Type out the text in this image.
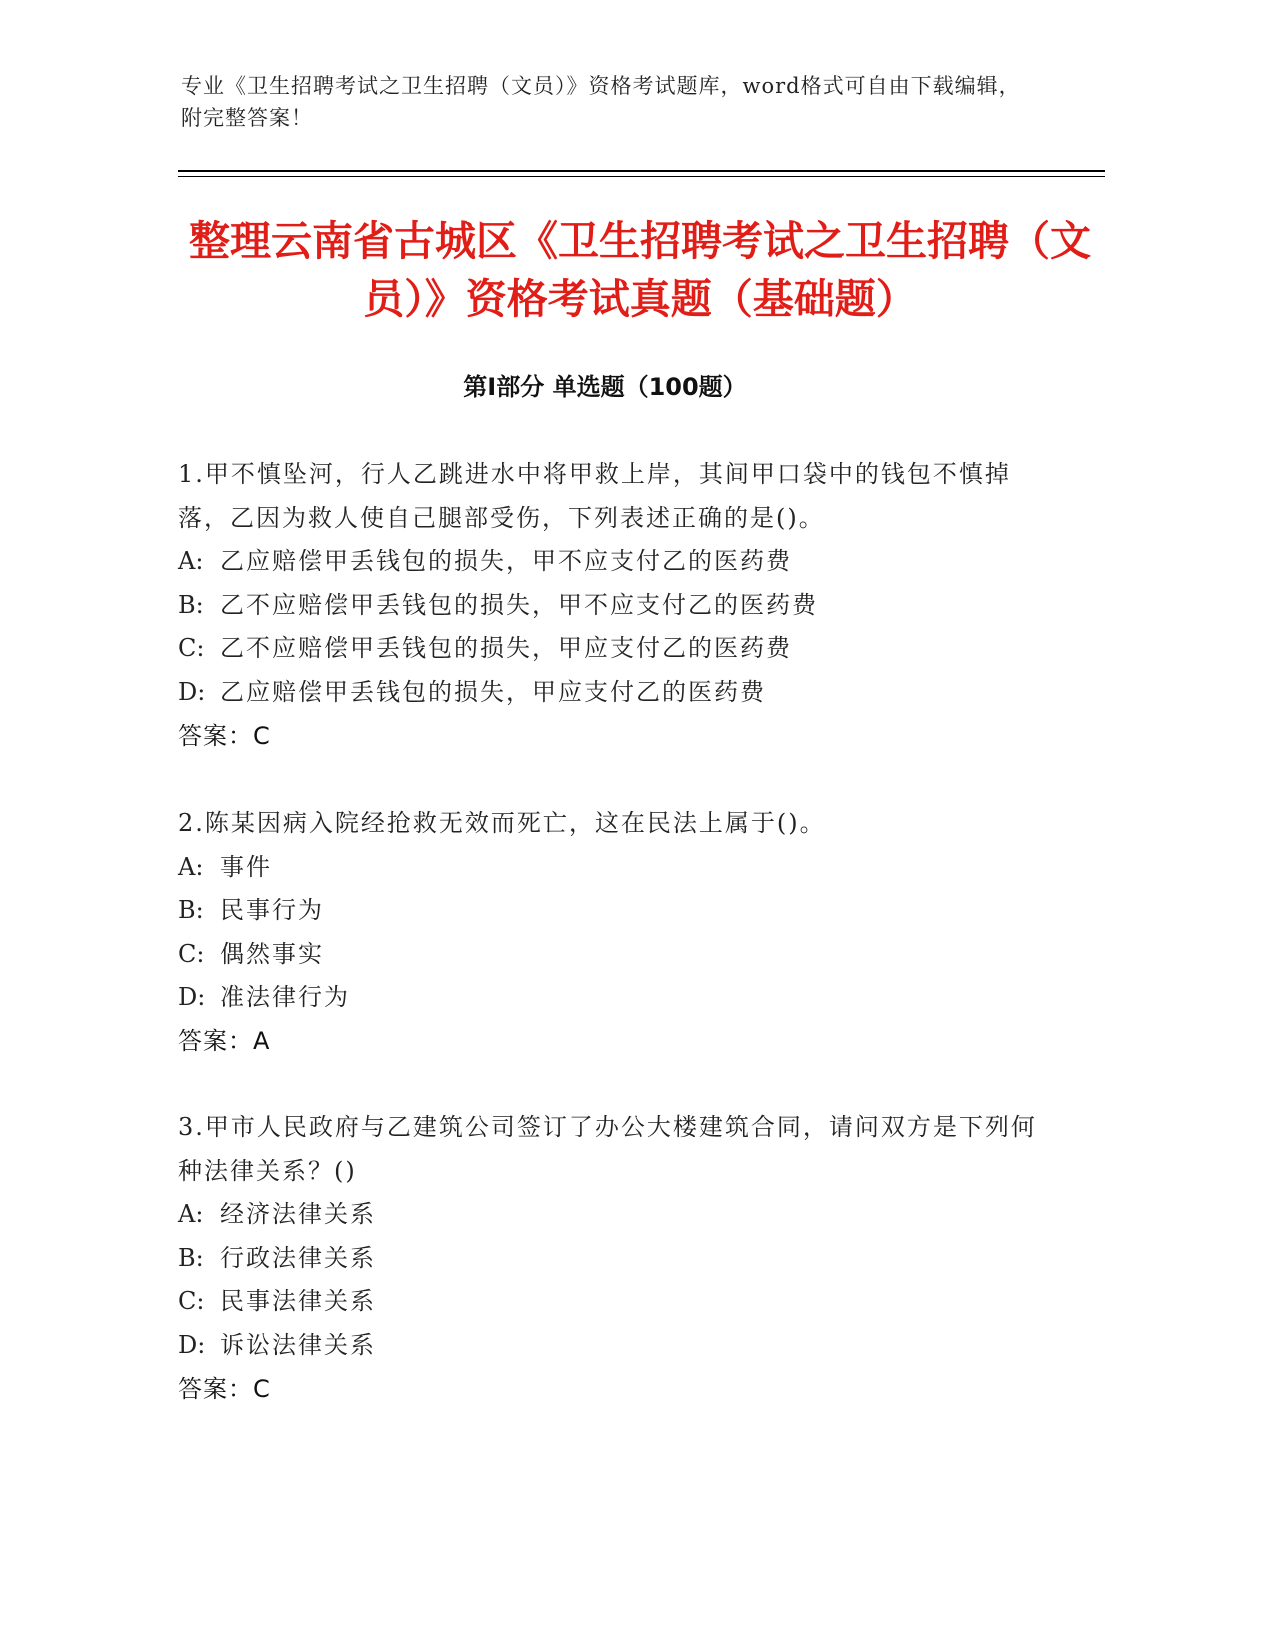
专业《卫生招聘考试之卫生招聘（文员）》资格考试题库，word格式可自由下载编辑，附完整答案！
整理云南省古城区《卫生招聘考试之卫生招聘（文员）》资格考试真题（基础题）
第Ⅰ部分 单选题（100题）
1.甲不慎坠河，行人乙跳进水中将甲救上岸，其间甲口袋中的钱包不慎掉落，乙因为救人使自己腿部受伤，下列表述正确的是()。
A: 乙应赔偿甲丢钱包的损失，甲不应支付乙的医药费
B: 乙不应赔偿甲丢钱包的损失，甲不应支付乙的医药费
C: 乙不应赔偿甲丢钱包的损失，甲应支付乙的医药费
D: 乙应赔偿甲丢钱包的损失，甲应支付乙的医药费
答案：C
2.陈某因病入院经抢救无效而死亡，这在民法上属于()。
A: 事件
B: 民事行为
C: 偶然事实
D: 准法律行为
答案：A
3.甲市人民政府与乙建筑公司签订了办公大楼建筑合同，请问双方是下列何种法律关系？()
A: 经济法律关系
B: 行政法律关系
C: 民事法律关系
D: 诉讼法律关系
答案：C
